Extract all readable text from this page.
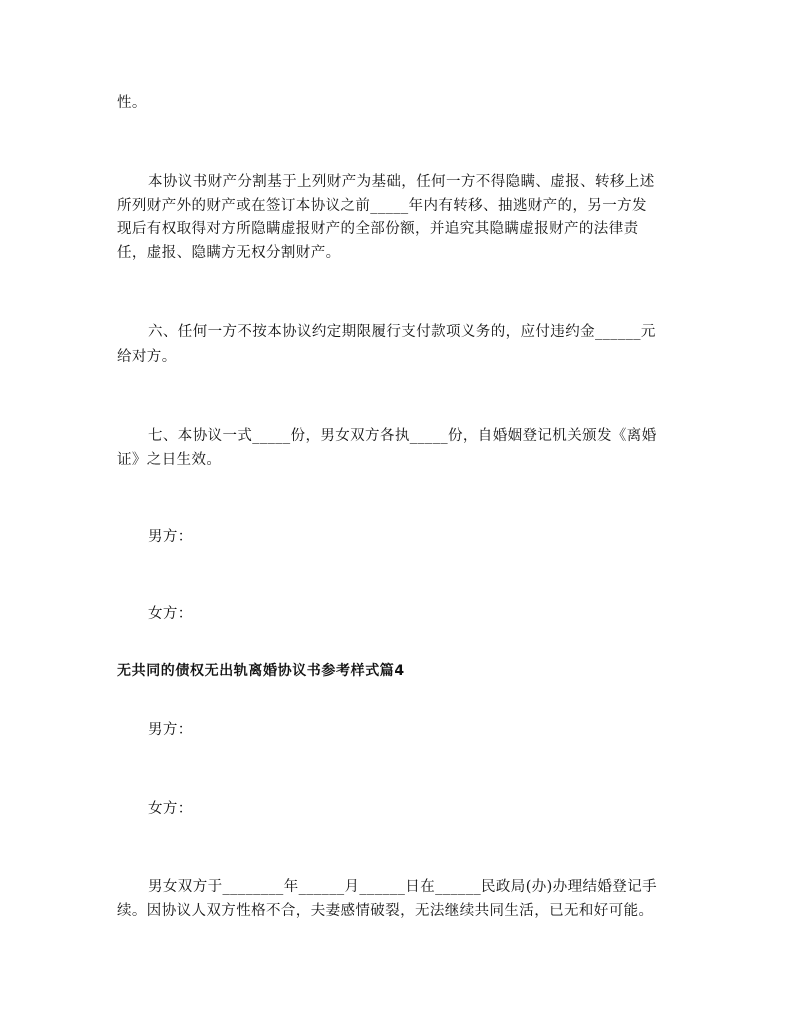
性。
本协议书财产分割基于上列财产为基础，任何一方不得隐瞒、虚报、转移上述
所列财产外的财产或在签订本协议之前_____年内有转移、抽逃财产的，另一方发
现后有权取得对方所隐瞒虚报财产的全部份额，并追究其隐瞒虚报财产的法律责
任，虚报、隐瞒方无权分割财产。
六、任何一方不按本协议约定期限履行支付款项义务的，应付违约金______元
给对方。
七、本协议一式_____份，男女双方各执_____份，自婚姻登记机关颁发《离婚
证》之日生效。
男方：
女方：
无共同的债权无出轨离婚协议书参考样式篇4
男方：
女方：
男女双方于________年______月______日在______民政局(办)办理结婚登记手
续。因协议人双方性格不合，夫妻感情破裂，无法继续共同生活，已无和好可能。
